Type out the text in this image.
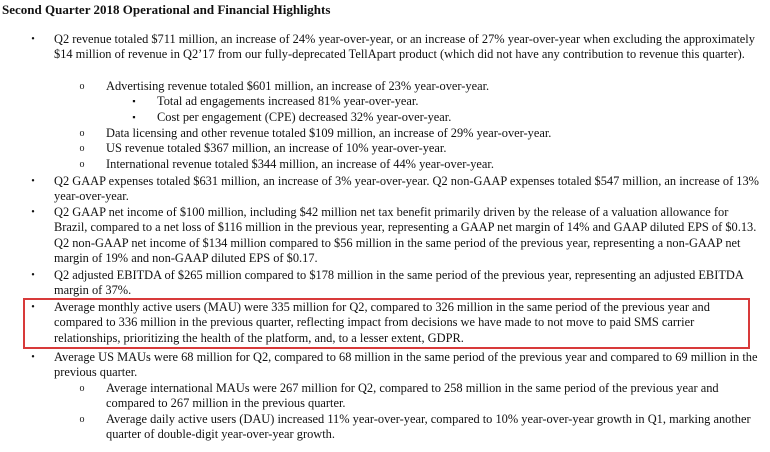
Second Quarter 2018 Operational and Financial Highlights
• Q2 revenue totaled $711 million, an increase of 24% year-over-year, or an increase of 27% year-over-year when excluding the approximately $14 million of revenue in Q2’17 from our fully-deprecated TellApart product (which did not have any contribution to revenue this quarter).
o Advertising revenue totaled $601 million, an increase of 23% year-over-year.
▪ Total ad engagements increased 81% year-over-year.
▪ Cost per engagement (CPE) decreased 32% year-over-year.
o Data licensing and other revenue totaled $109 million, an increase of 29% year-over-year.
o US revenue totaled $367 million, an increase of 10% year-over-year.
o International revenue totaled $344 million, an increase of 44% year-over-year.
• Q2 GAAP expenses totaled $631 million, an increase of 3% year-over-year. Q2 non-GAAP expenses totaled $547 million, an increase of 13% year-over-year.
• Q2 GAAP net income of $100 million, including $42 million net tax benefit primarily driven by the release of a valuation allowance for Brazil, compared to a net loss of $116 million in the previous year, representing a GAAP net margin of 14% and GAAP diluted EPS of $0.13. Q2 non-GAAP net income of $134 million compared to $56 million in the same period of the previous year, representing a non-GAAP net margin of 19% and non-GAAP diluted EPS of $0.17.
• Q2 adjusted EBITDA of $265 million compared to $178 million in the same period of the previous year, representing an adjusted EBITDA margin of 37%.
• Average monthly active users (MAU) were 335 million for Q2, compared to 326 million in the same period of the previous year and compared to 336 million in the previous quarter, reflecting impact from decisions we have made to not move to paid SMS carrier relationships, prioritizing the health of the platform, and, to a lesser extent, GDPR.
• Average US MAUs were 68 million for Q2, compared to 68 million in the same period of the previous year and compared to 69 million in the previous quarter.
o Average international MAUs were 267 million for Q2, compared to 258 million in the same period of the previous year and compared to 267 million in the previous quarter.
o Average daily active users (DAU) increased 11% year-over-year, compared to 10% year-over-year growth in Q1, marking another quarter of double-digit year-over-year growth.
